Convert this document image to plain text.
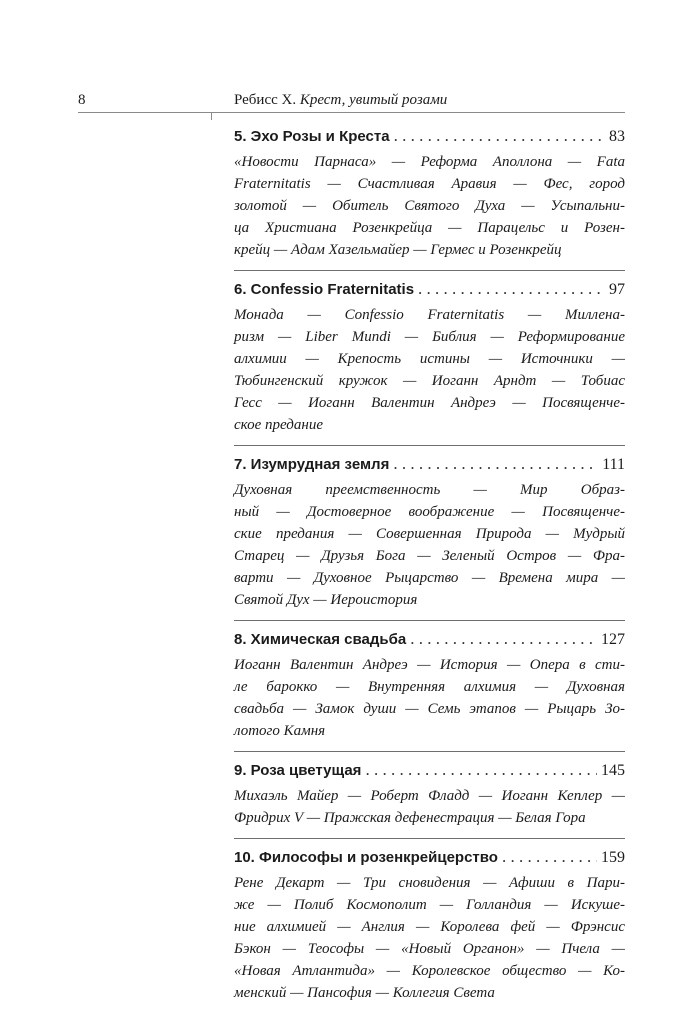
8	Ребисс Х. Крест, увитый розами
5. Эхо Розы и Креста . . .	83
«Новости Парнаса» — Реформа Аполлона — Fata
Fraternitatis — Счастливая Аравия — Фес, город
золотой — Обитель Святого Духа — Усыпальни-
ца Христиана Розенкрейца — Парацельс и Розен-
крейц — Адам Хазельмайер — Гермес и Розенкрейц
6. Confessio Fraternitatis . . .	97
Монада — Confessio Fraternitatis — Миллена-
ризм — Liber Mundi — Библия — Реформирование
алхимии — Крепость истины — Источники —
Тюбингенский кружок — Иоганн Арндт — Тобиас
Гесс — Иоганн Валентин Андреэ — Посвященче-
ское предание
7. Изумрудная земля . . .	111
Духовная преемственность — Мир Образ-
ный — Достоверное воображение — Посвященче-
ские предания — Совершенная Природа — Мудрый
Старец — Друзья Бога — Зеленый Остров — Фра-
варти — Духовное Рыцарство — Времена мира —
Святой Дух — Иероистория
8. Химическая свадьба . . .	127
Иоганн Валентин Андреэ — История — Опера в сти-
ле барокко — Внутренняя алхимия — Духовная
свадьба — Замок души — Семь этапов — Рыцарь Зо-
лотого Камня
9. Роза цветущая . . .	145
Михаэль Майер — Роберт Фладд — Иоганн Кеплер —
Фридрих V — Пражская дефенестрация — Белая Гора
10. Философы и розенкрейцерство . . .	159
Рене Декарт — Три сновидения — Афиши в Пари-
же — Полиб Космополит — Голландия — Искуше-
ние алхимией — Англия — Королева фей — Фрэнсис
Бэкон — Теософы — «Новый Органон» — Пчела —
«Новая Атлантида» — Королевское общество — Ко-
менский — Пансофия — Коллегия Света
